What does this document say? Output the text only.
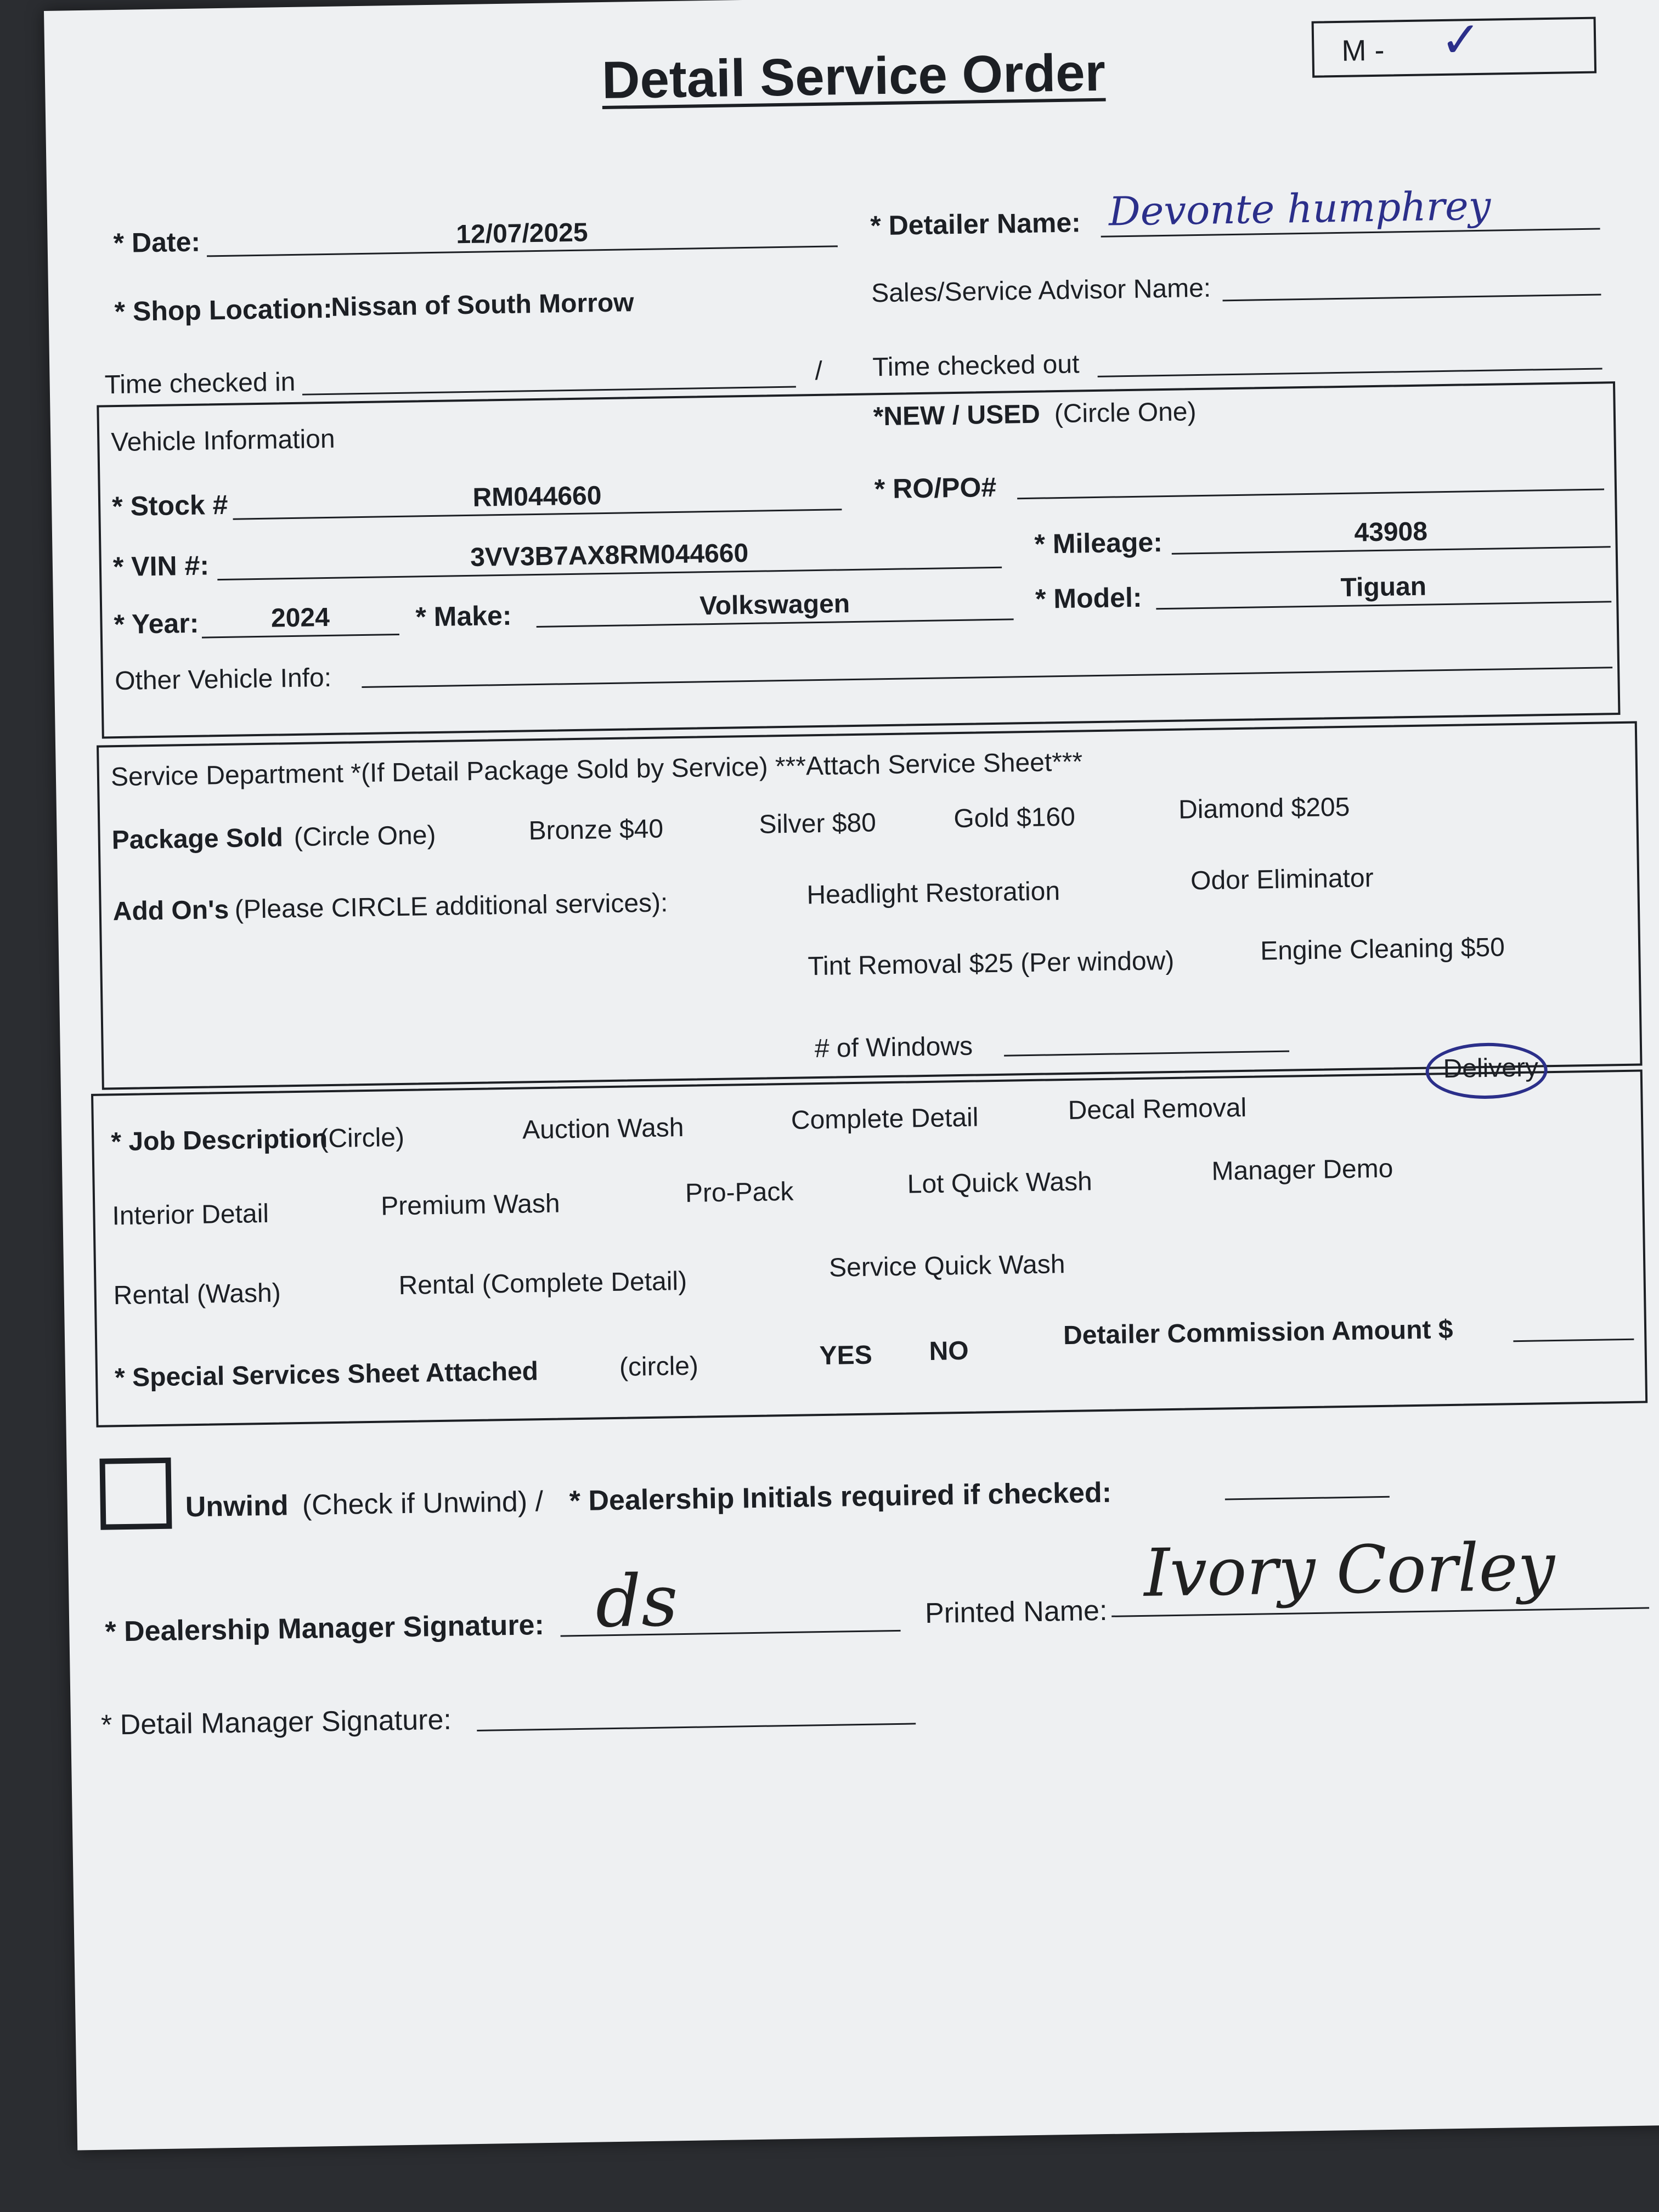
Detail Service Order	M - ✓
* Date:	12/07/2025	* Detailer Name: Devonte humphrey
* Shop Location:
Nissan of South Morrow	Sales/Service Advisor Name:
Time checked in	/ Time checked out
Vehicle Information
*NEW / USED (Circle One)
* Stock #	RM044660	* RO/PO#
* VIN #:	3VV3B7AX8RM044660	* Mileage:	43908
* Year:	2024	* Make:	Volkswagen	* Model:	Tiguan
Other Vehicle Info:
Service Department *(If Detail Package Sold by Service) ***Attach Service Sheet***
Package Sold (Circle One)	Bronze $40	Silver $80	Gold $160	Diamond $205
Add On's (Please CIRCLE additional services):	Headlight Restoration	Odor Eliminator
Tint Removal $25 (Per window)	Engine Cleaning $50
# of Windows
* Job Description
(Circle)	Auction Wash	Complete Detail	Decal Removal
Delivery
Interior Detail	Premium Wash	Pro-Pack	Lot Quick Wash	Manager Demo
Rental (Wash)	Rental (Complete Detail)
Service Quick Wash
* Special Services Sheet Attached	(circle)	YES NO
Detailer Commission Amount $
Unwind (Check if Unwind) / * Dealership Initials required if checked:
* Dealership Manager Signature: ds	Printed Name:
Ivory Corley
* Detail Manager Signature:
